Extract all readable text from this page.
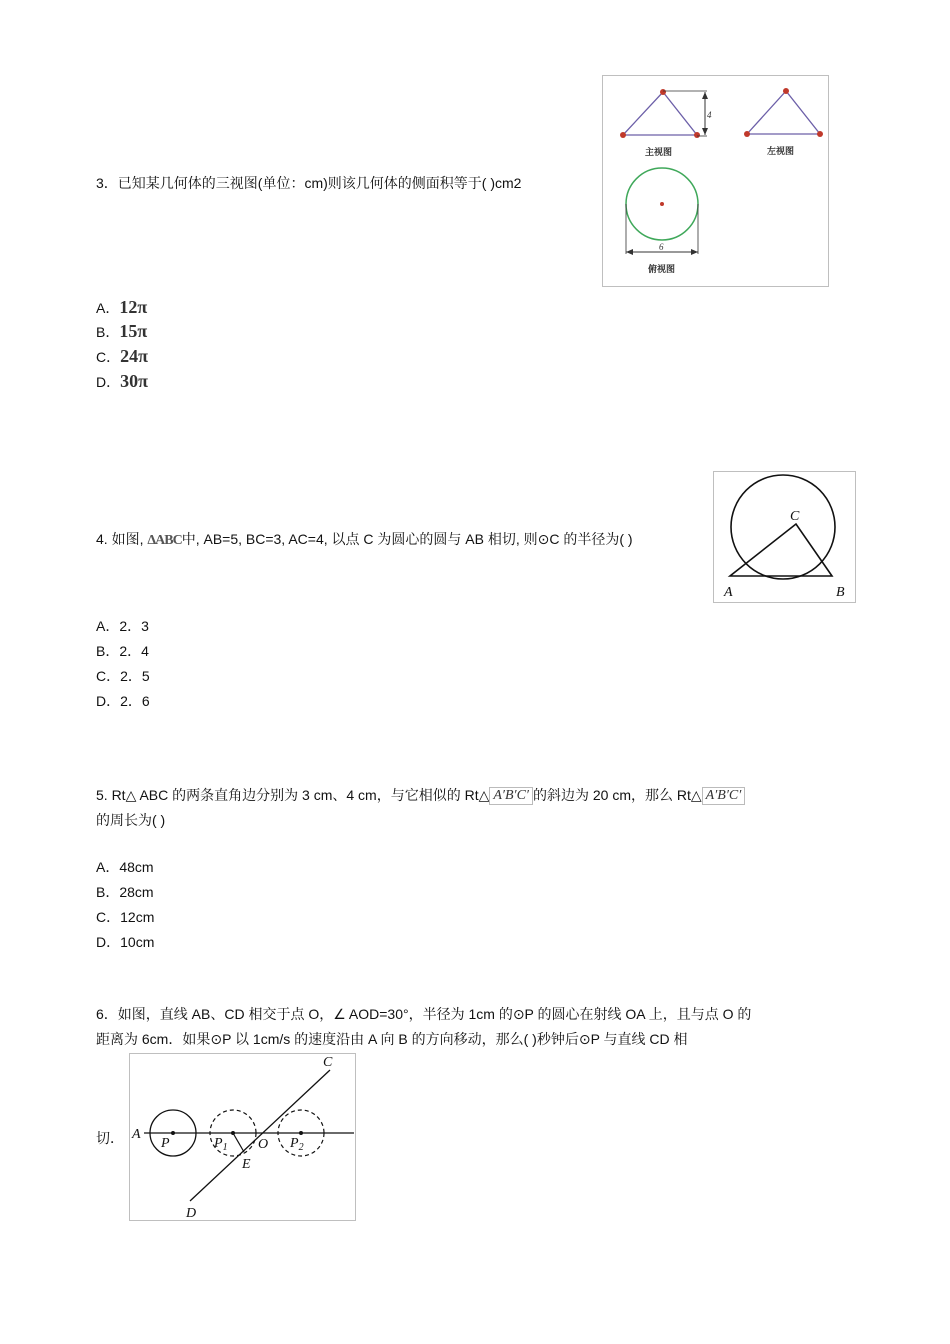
3．已知某几何体的三视图(单位：cm)则该几何体的侧面积等于( )cm2
4
主视图	左视图
6
俯视图
A．12π
B．15π
C．24π
D．30π
4. 如图, ΔABC中, AB=5, BC=3, AC=4, 以点 C 为圆心的圆与 AB 相切, 则⊙C 的半径为( )
C
A	B
A．2．3
B．2．4
C．2．5
D．2．6
5. Rt△ ABC 的两条直角边分别为 3 cm、4 cm，与它相似的 Rt△ A′B′C′ 的斜边为 20 cm，那么 Rt△ A′B′C′
的周长为( )
A．48cm
B．28cm
C．12cm
D．10cm
6．如图，直线 AB、CD 相交于点 O，∠ AOD=30°，半径为 1cm 的⊙P 的圆心在射线 OA 上，且与点 O 的
距离为 6cm．如果⊙P 以 1cm/s 的速度沿由 A 向 B 的方向移动，那么( )秒钟后⊙P 与直线 CD 相
切． A
P	$P_1$ O $P_2$
E
C
D
